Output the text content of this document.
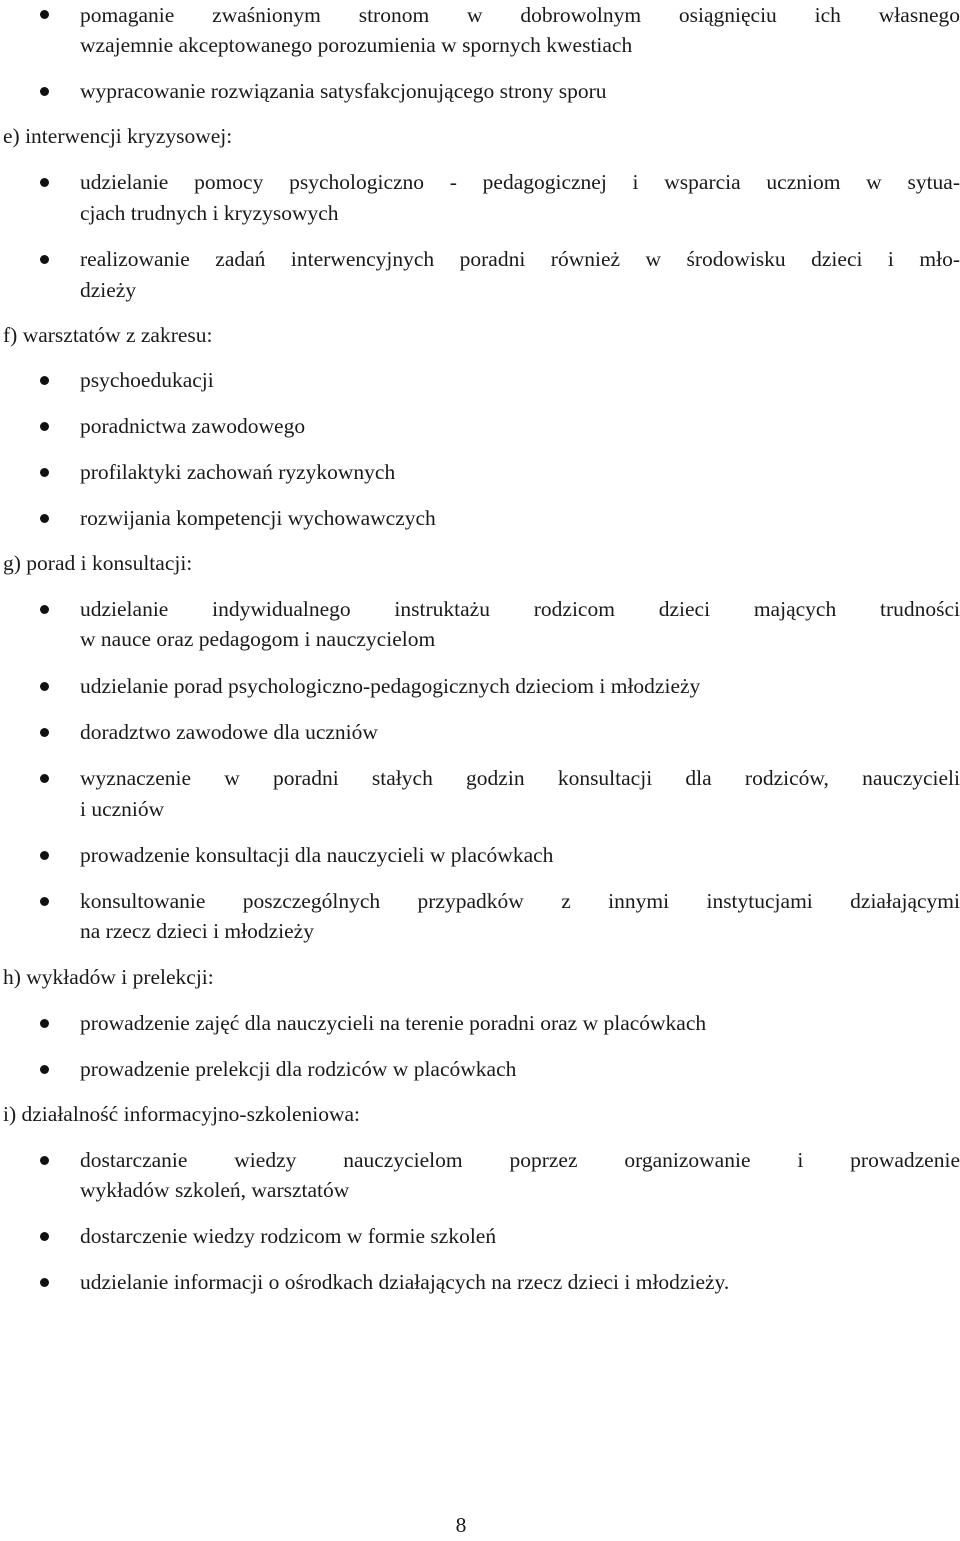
pomaganie zwaśnionym stronom w dobrowolnym osiągnięciu ich własnego
wzajemnie akceptowanego porozumienia w spornych kwestiach
wypracowanie rozwiązania satysfakcjonującego strony sporu
e) interwencji kryzysowej:
udzielanie pomocy psychologiczno - pedagogicznej i wsparcia uczniom w sytua-
cjach trudnych i kryzysowych
realizowanie zadań interwencyjnych poradni również w środowisku dzieci i mło-
dzieży
f) warsztatów z zakresu:
psychoedukacji
poradnictwa zawodowego
profilaktyki zachowań ryzykownych
rozwijania kompetencji wychowawczych
g) porad i konsultacji:
udzielanie indywidualnego instruktażu rodzicom dzieci mających trudności
w nauce oraz pedagogom i nauczycielom
udzielanie porad psychologiczno-pedagogicznych dzieciom i młodzieży
doradztwo zawodowe dla uczniów
wyznaczenie w poradni stałych godzin konsultacji dla rodziców, nauczycieli
i uczniów
prowadzenie konsultacji dla nauczycieli w placówkach
konsultowanie poszczególnych przypadków z innymi instytucjami działającymi
na rzecz dzieci i młodzieży
h) wykładów i prelekcji:
prowadzenie zajęć dla nauczycieli na terenie poradni oraz w placówkach
prowadzenie prelekcji dla rodziców w placówkach
i) działalność informacyjno-szkoleniowa:
dostarczanie wiedzy nauczycielom poprzez organizowanie i prowadzenie
wykładów szkoleń, warsztatów
dostarczenie wiedzy rodzicom w formie szkoleń
udzielanie informacji o ośrodkach działających na rzecz dzieci i młodzieży.
8
